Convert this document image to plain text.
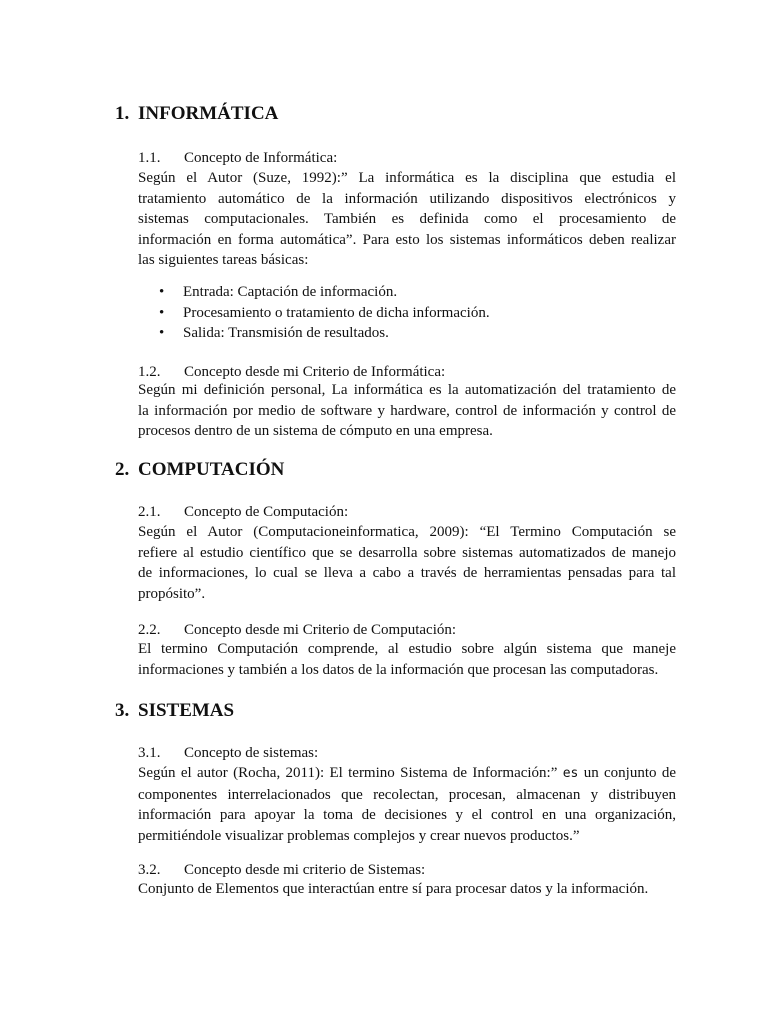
1. INFORMÁTICA
1.1. Concepto de Informática:
Según el Autor (Suze, 1992):” La informática es la disciplina que estudia el
tratamiento automático de la información utilizando dispositivos electrónicos y
sistemas computacionales. También es definida como el procesamiento de
información en forma automática”. Para esto los sistemas informáticos deben realizar
las siguientes tareas básicas:
• Entrada: Captación de información.
• Procesamiento o tratamiento de dicha información.
• Salida: Transmisión de resultados.
1.2. Concepto desde mi Criterio de Informática:
Según mi definición personal, La informática es la automatización del tratamiento de
la información por medio de software y hardware, control de información y control de
procesos dentro de un sistema de cómputo en una empresa.
2. COMPUTACIÓN
2.1. Concepto de Computación:
Según el Autor (Computacioneinformatica, 2009): “El Termino Computación se
refiere al estudio científico que se desarrolla sobre sistemas automatizados de manejo
de informaciones, lo cual se lleva a cabo a través de herramientas pensadas para tal
propósito”.
2.2. Concepto desde mi Criterio de Computación:
El termino Computación comprende, al estudio sobre algún sistema que maneje
informaciones y también a los datos de la información que procesan las computadoras.
3. SISTEMAS
3.1. Concepto de sistemas:
Según el autor (Rocha, 2011): El termino Sistema de Información:” es un conjunto de
componentes interrelacionados que recolectan, procesan, almacenan y distribuyen
información para apoyar la toma de decisiones y el control en una organización,
permitiéndole visualizar problemas complejos y crear nuevos productos.”
3.2. Concepto desde mi criterio de Sistemas:
Conjunto de Elementos que interactúan entre sí para procesar datos y la información.
